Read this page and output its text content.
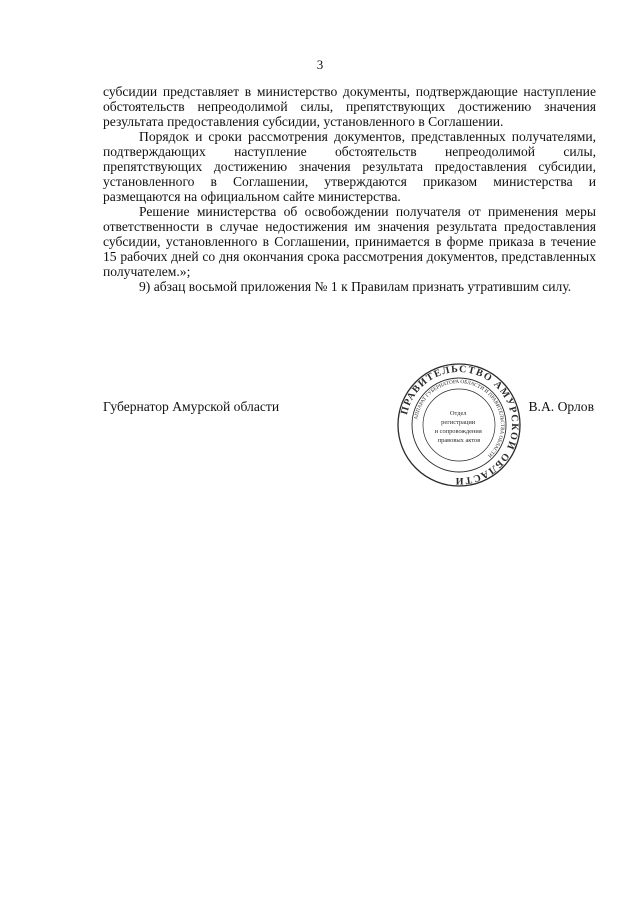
3

субсидии представляет в министерство документы, подтверждающие наступление обстоятельств непреодолимой силы, препятствующих достижению значения результата предоставления субсидии, установленного в Соглашении.

Порядок и сроки рассмотрения документов, представленных получателями, подтверждающих наступление обстоятельств непреодолимой силы, препятствующих достижению значения результата предоставления субсидии, установленного в Соглашении, утверждаются приказом министерства и размещаются на официальном сайте министерства.

Решение министерства об освобождении получателя от применения меры ответственности в случае недостижения им значения результата предоставления субсидии, установленного в Соглашении, принимается в форме приказа в течение 15 рабочих дней со дня окончания срока рассмотрения документов, представленных получателем.»;

9) абзац восьмой приложения № 1 к Правилам признать утратившим силу.

Губернатор Амурской области	В.А. Орлов
ПРАВИТЕЛЬСТВО АМУРСКОЙ ОБЛАСТИ
АППАРАТ ГУБЕРНАТОРА ОБЛАСТИ И ПРАВИТЕЛЬСТВА ОБЛАСТИ
Отдел регистрации и сопровождения правовых актов
